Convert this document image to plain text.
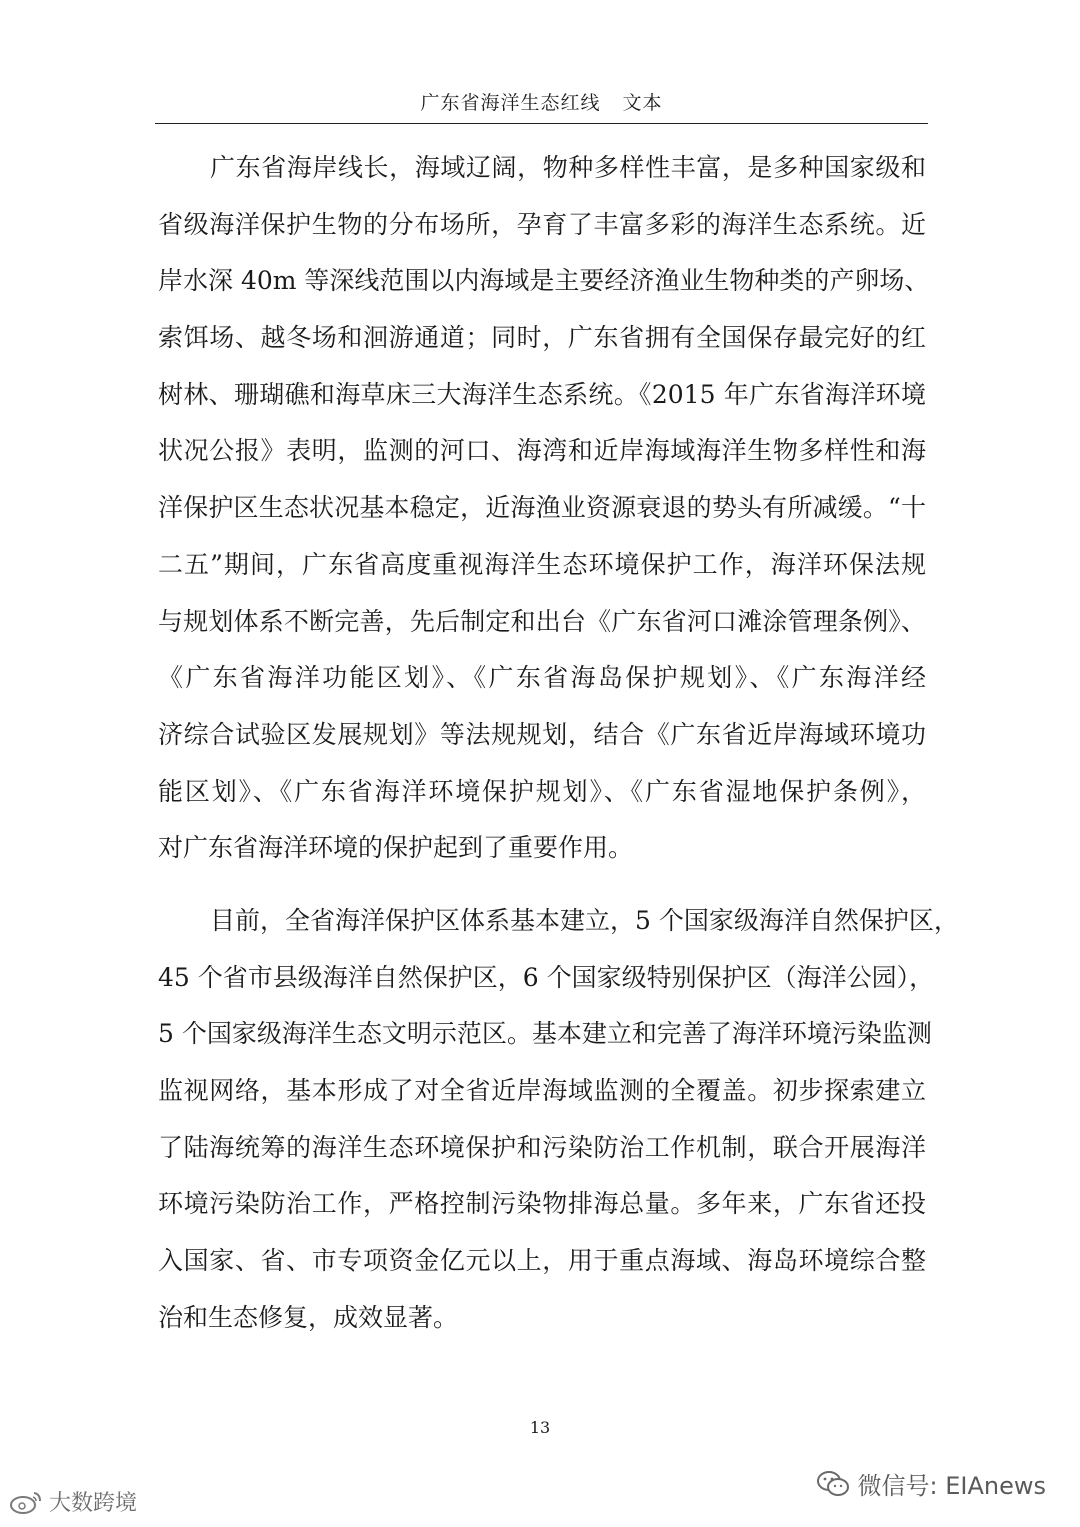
广东省海洋生态红线 文本
广东省海岸线长，海域辽阔，物种多样性丰富，是多种国家级和
省级海洋保护生物的分布场所，孕育了丰富多彩的海洋生态系统。近
岸水深 40m 等深线范围以内海域是主要经济渔业生物种类的产卵场、
索饵场、越冬场和洄游通道；同时，广东省拥有全国保存最完好的红
树林、珊瑚礁和海草床三大海洋生态系统。《2015 年广东省海洋环境
状况公报》表明，监测的河口、海湾和近岸海域海洋生物多样性和海
洋保护区生态状况基本稳定，近海渔业资源衰退的势头有所减缓。“十
二五”期间，广东省高度重视海洋生态环境保护工作，海洋环保法规
与规划体系不断完善，先后制定和出台《广东省河口滩涂管理条例》、
《广东省海洋功能区划》、《广东省海岛保护规划》、《广东海洋经
济综合试验区发展规划》等法规规划，结合《广东省近岸海域环境功
能区划》、《广东省海洋环境保护规划》、《广东省湿地保护条例》，
对广东省海洋环境的保护起到了重要作用。
目前，全省海洋保护区体系基本建立，5 个国家级海洋自然保护区，
45 个省市县级海洋自然保护区，6 个国家级特别保护区（海洋公园），
5 个国家级海洋生态文明示范区。基本建立和完善了海洋环境污染监测
监视网络，基本形成了对全省近岸海域监测的全覆盖。初步探索建立
了陆海统筹的海洋生态环境保护和污染防治工作机制，联合开展海洋
环境污染防治工作，严格控制污染物排海总量。多年来，广东省还投
入国家、省、市专项资金亿元以上，用于重点海域、海岛环境综合整
治和生态修复，成效显著。
13
微信号: EIAnews
大数跨境
